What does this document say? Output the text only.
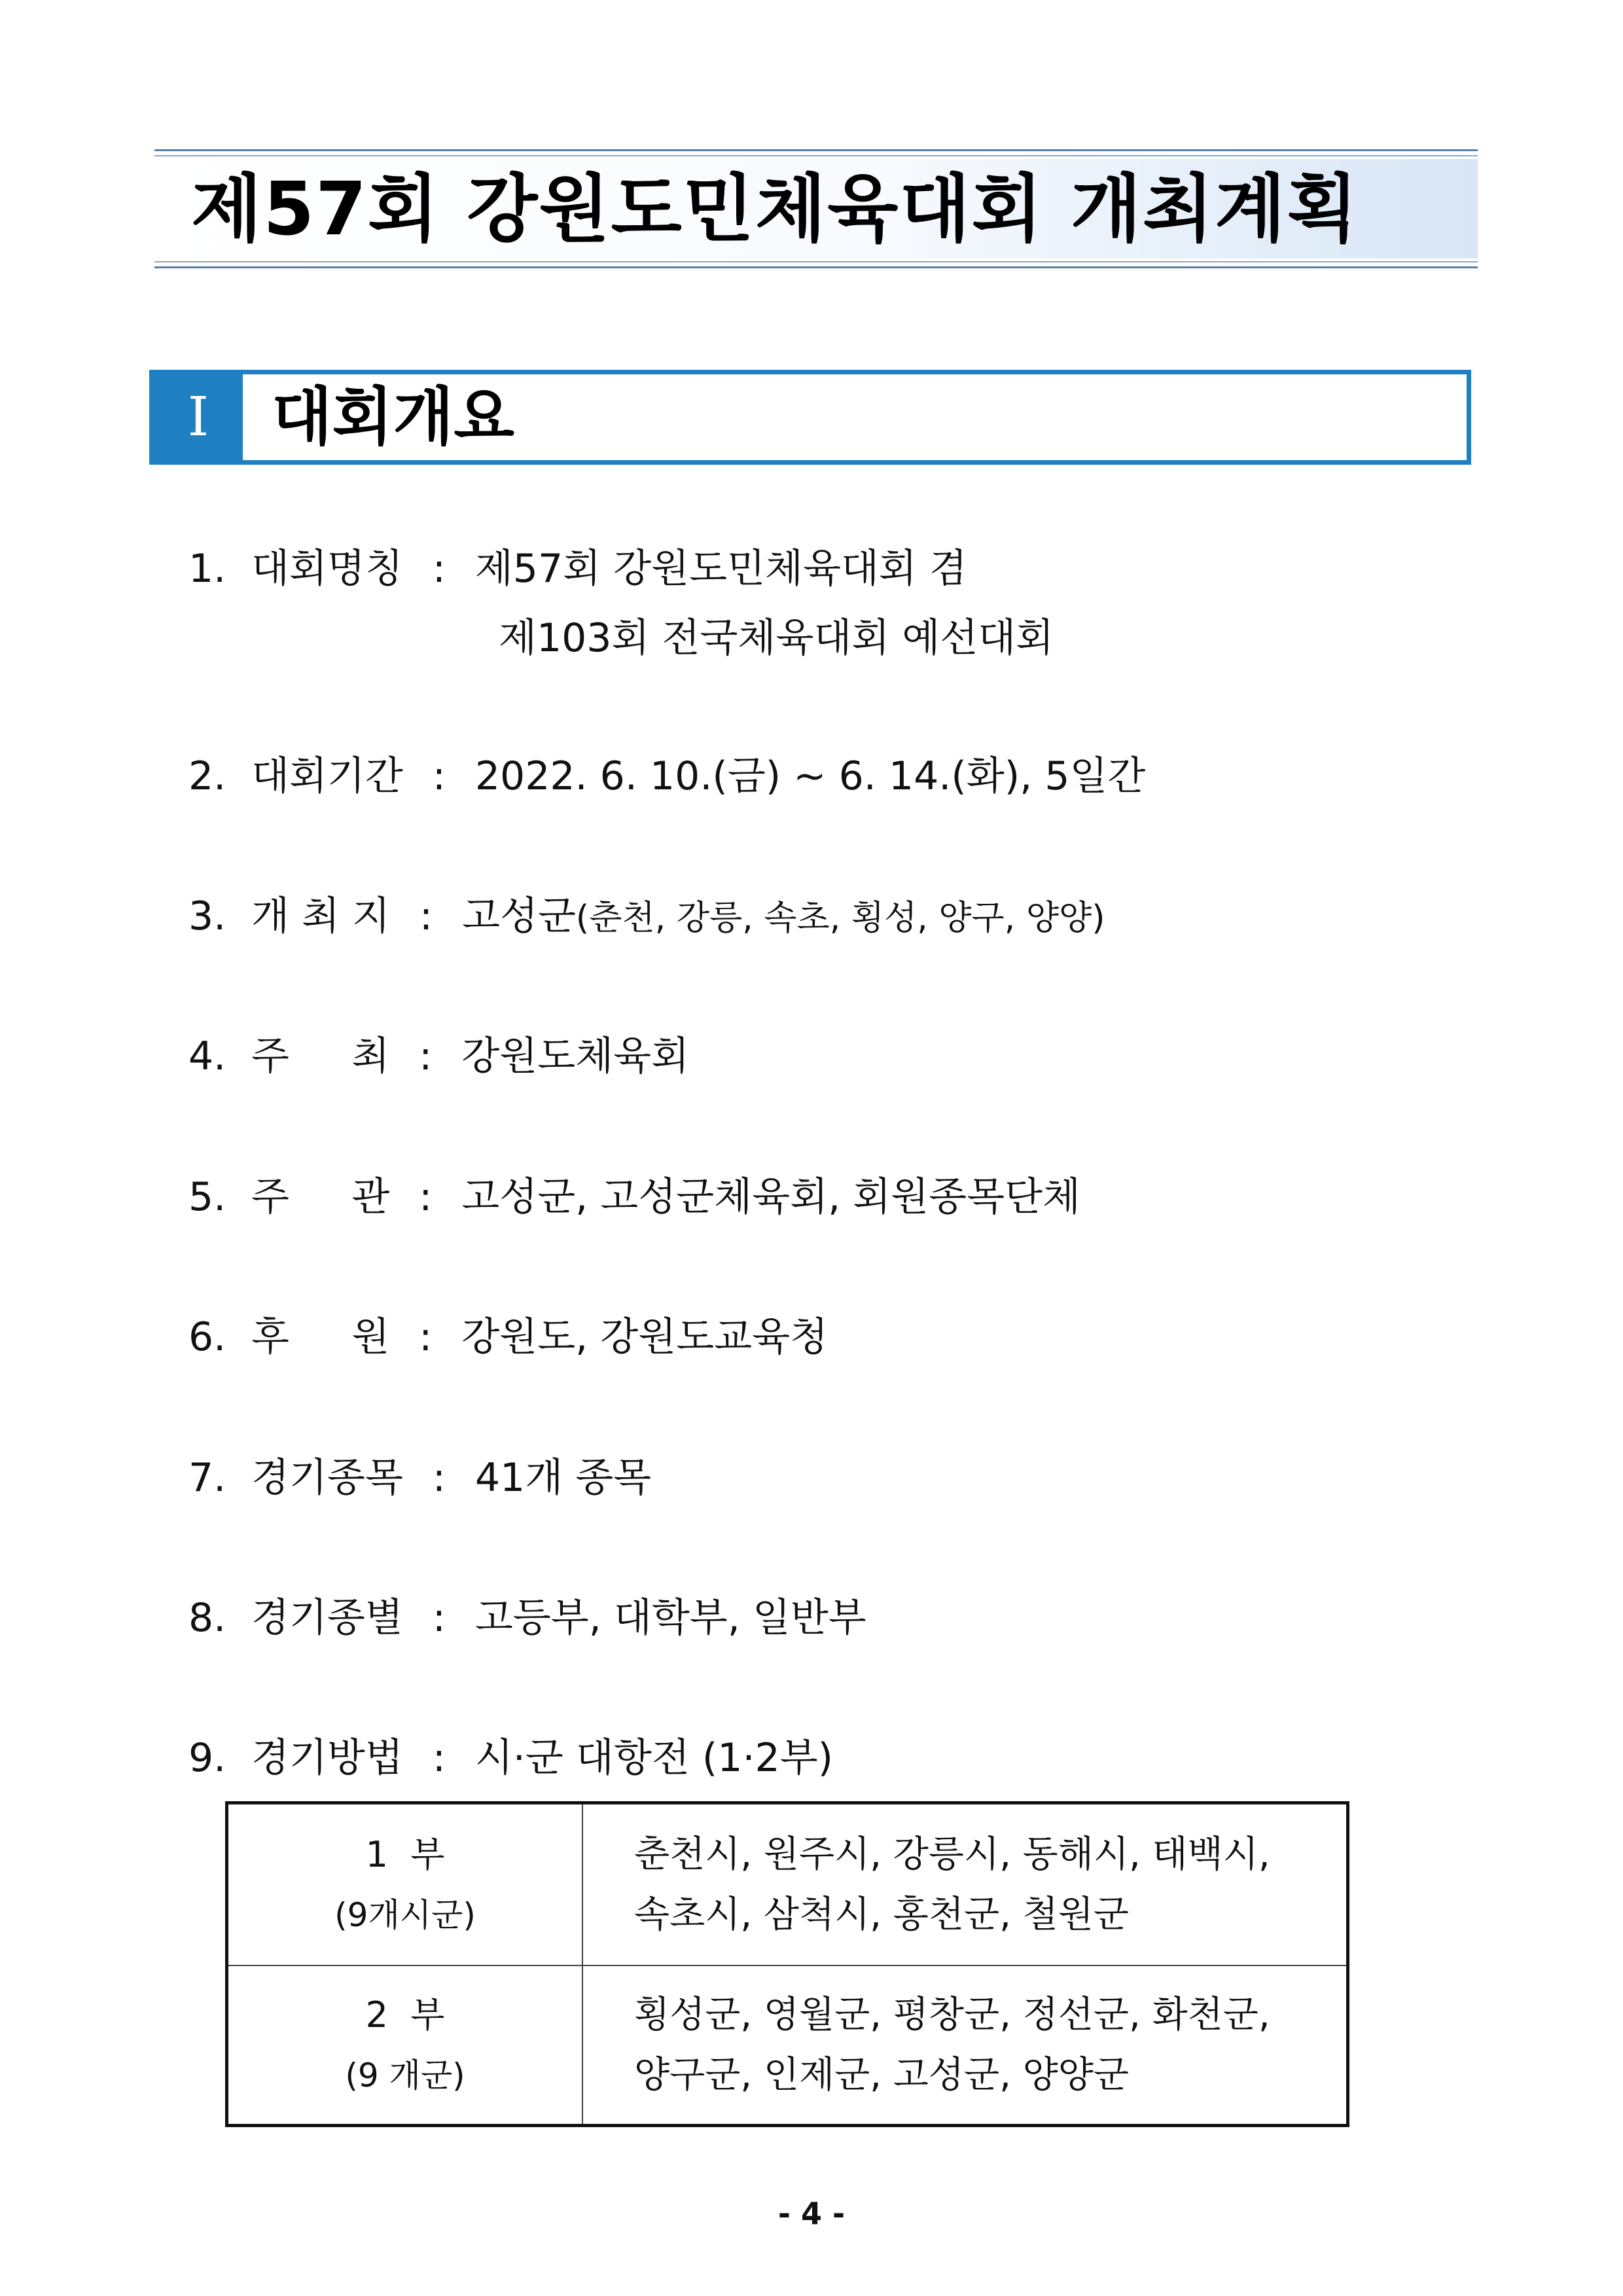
제57회 강원도민체육대회 개최계획
Ⅰ 대회개요
1. 대회명칭 : 제57회 강원도민체육대회 겸
제103회 전국체육대회 예선대회
2. 대회기간 : 2022. 6. 10.(금) ~ 6. 14.(화), 5일간
3. 개 최 지 : 고성군(춘천, 강릉, 속초, 횡성, 양구, 양양)
4. 주     최 : 강원도체육회
5. 주     관 : 고성군, 고성군체육회, 회원종목단체
6. 후     원 : 강원도, 강원도교육청
7. 경기종목 : 41개 종목
8. 경기종별 : 고등부, 대학부, 일반부
9. 경기방법 : 시·군 대항전 (1·2부)
1  부
(9개시군)
춘천시, 원주시, 강릉시, 동해시, 태백시,
속초시, 삼척시, 홍천군, 철원군
2  부
(9 개군)
횡성군, 영월군, 평창군, 정선군, 화천군,
양구군, 인제군, 고성군, 양양군
- 4 -
